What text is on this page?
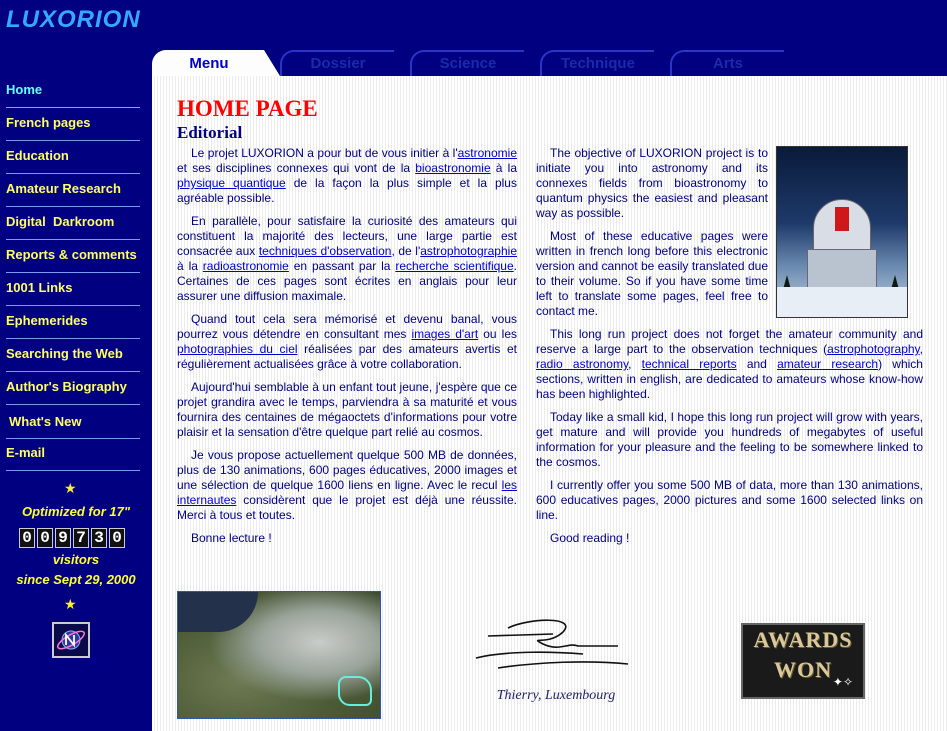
LUXORION
Menu	Dossier	Science	Technique	Arts
Home
French pages
Education
Amateur Research
Digital  Darkroom
Reports & comments
1001 Links
Ephemerides
Searching the Web
Author's Biography
What's New
E-mail
★
Optimized for 17"
0 0 9 7 3 0
visitors
since Sept 29, 2000
★
HOME PAGE
Editorial

Le projet LUXORION a pour but de vous initier à l'astronomie et ses disciplines connexes qui vont de la bioastronomie à la physique quantique de la façon la plus simple et la plus agréable possible.

En parallèle, pour satisfaire la curiosité des amateurs qui constituent la majorité des lecteurs, une large partie est consacrée aux techniques d'observation, de l'astrophotographie à la radioastronomie en passant par la recherche scientifique. Certaines de ces pages sont écrites en anglais pour leur assurer une diffusion maximale.

Quand tout cela sera mémorisé et devenu banal, vous pourrez vous détendre en consultant mes images d'art ou les photographies du ciel réalisées par des amateurs avertis et régulièrement actualisées grâce à votre collaboration.

Aujourd'hui semblable à un enfant tout jeune, j'espère que ce projet grandira avec le temps, parviendra à sa maturité et vous fournira des centaines de mégaoctets d'informations pour votre plaisir et la sensation d'être quelque part relié au cosmos.

Je vous propose actuellement quelque 500 MB de données, plus de 130 animations, 600 pages éducatives, 2000 images et une sélection de quelque 1600 liens en ligne. Avec le recul les internautes considèrent que le projet est déjà une réussite. Merci à tous et toutes.

Bonne lecture !

The objective of LUXORION project is to initiate you into astronomy and its connexes fields from bioastronomy to quantum physics the easiest and pleasant way as possible.

Most of these educative pages were written in french long before this electronic version and cannot be easily translated due to their volume. So if you have some time left to translate some pages, feel free to contact me.

This long run project does not forget the amateur community and reserve a large part to the observation techniques (astrophotography, radio astronomy, technical reports and amateur research) which sections, written in english, are dedicated to amateurs whose know-how has been highlighted.

Today like a small kid, I hope this long run project will grow with years, get mature and will provide you hundreds of megabytes of useful information for your pleasure and the feeling to be somewhere linked to the cosmos.

I currently offer you some 500 MB of data, more than 130 animations, 600 educatives pages, 2000 pictures and some 1600 selected links on line.

Good reading !

Thierry, Luxembourg
AWARDS
WON ✦✧
